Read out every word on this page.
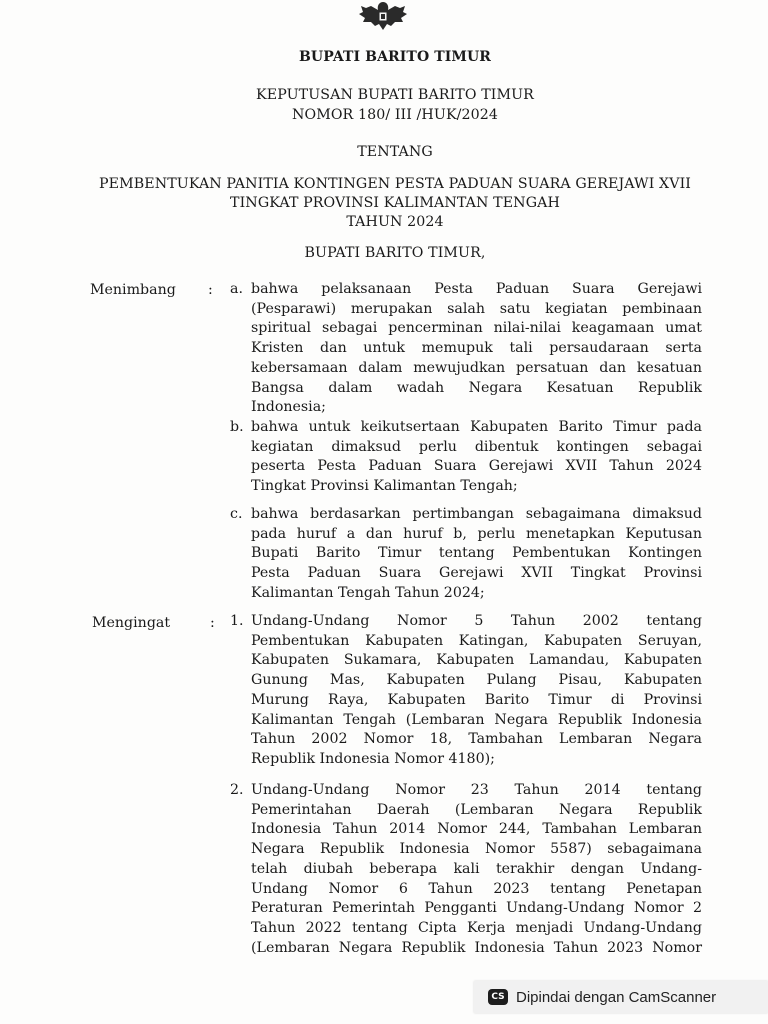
BUPATI BARITO TIMUR
KEPUTUSAN BUPATI BARITO TIMUR
NOMOR 180/ III /HUK/2024
TENTANG
PEMBENTUKAN PANITIA KONTINGEN PESTA PADUAN SUARA GEREJAWI XVII
TINGKAT PROVINSI KALIMANTAN TENGAH
TAHUN 2024
BUPATI BARITO TIMUR,
Menimbang : a. bahwa pelaksanaan Pesta Paduan Suara Gerejawi
(Pesparawi) merupakan salah satu kegiatan pembinaan
spiritual sebagai pencerminan nilai-nilai keagamaan umat
Kristen dan untuk memupuk tali persaudaraan serta
kebersamaan dalam mewujudkan persatuan dan kesatuan
Bangsa dalam wadah Negara Kesatuan Republik
Indonesia;
b. bahwa untuk keikutsertaan Kabupaten Barito Timur pada
kegiatan dimaksud perlu dibentuk kontingen sebagai
peserta Pesta Paduan Suara Gerejawi XVII Tahun 2024
Tingkat Provinsi Kalimantan Tengah;
c. bahwa berdasarkan pertimbangan sebagaimana dimaksud
pada huruf a dan huruf b, perlu menetapkan Keputusan
Bupati Barito Timur tentang Pembentukan Kontingen
Pesta Paduan Suara Gerejawi XVII Tingkat Provinsi
Kalimantan Tengah Tahun 2024;
Mengingat	: 1. Undang-Undang Nomor 5 Tahun 2002 tentang
Pembentukan Kabupaten Katingan, Kabupaten Seruyan,
Kabupaten Sukamara, Kabupaten Lamandau, Kabupaten
Gunung Mas, Kabupaten Pulang Pisau, Kabupaten
Murung Raya, Kabupaten Barito Timur di Provinsi
Kalimantan Tengah (Lembaran Negara Republik Indonesia
Tahun 2002 Nomor 18, Tambahan Lembaran Negara
Republik Indonesia Nomor 4180);
2. Undang-Undang Nomor 23 Tahun 2014 tentang
Pemerintahan Daerah (Lembaran Negara Republik
Indonesia Tahun 2014 Nomor 244, Tambahan Lembaran
Negara Republik Indonesia Nomor 5587) sebagaimana
telah diubah beberapa kali terakhir dengan Undang-
Undang Nomor 6 Tahun 2023 tentang Penetapan
Peraturan Pemerintah Pengganti Undang-Undang Nomor 2
Tahun 2022 tentang Cipta Kerja menjadi Undang-Undang
(Lembaran Negara Republik Indonesia Tahun 2023 Nomor
CS Dipindai dengan CamScanner
